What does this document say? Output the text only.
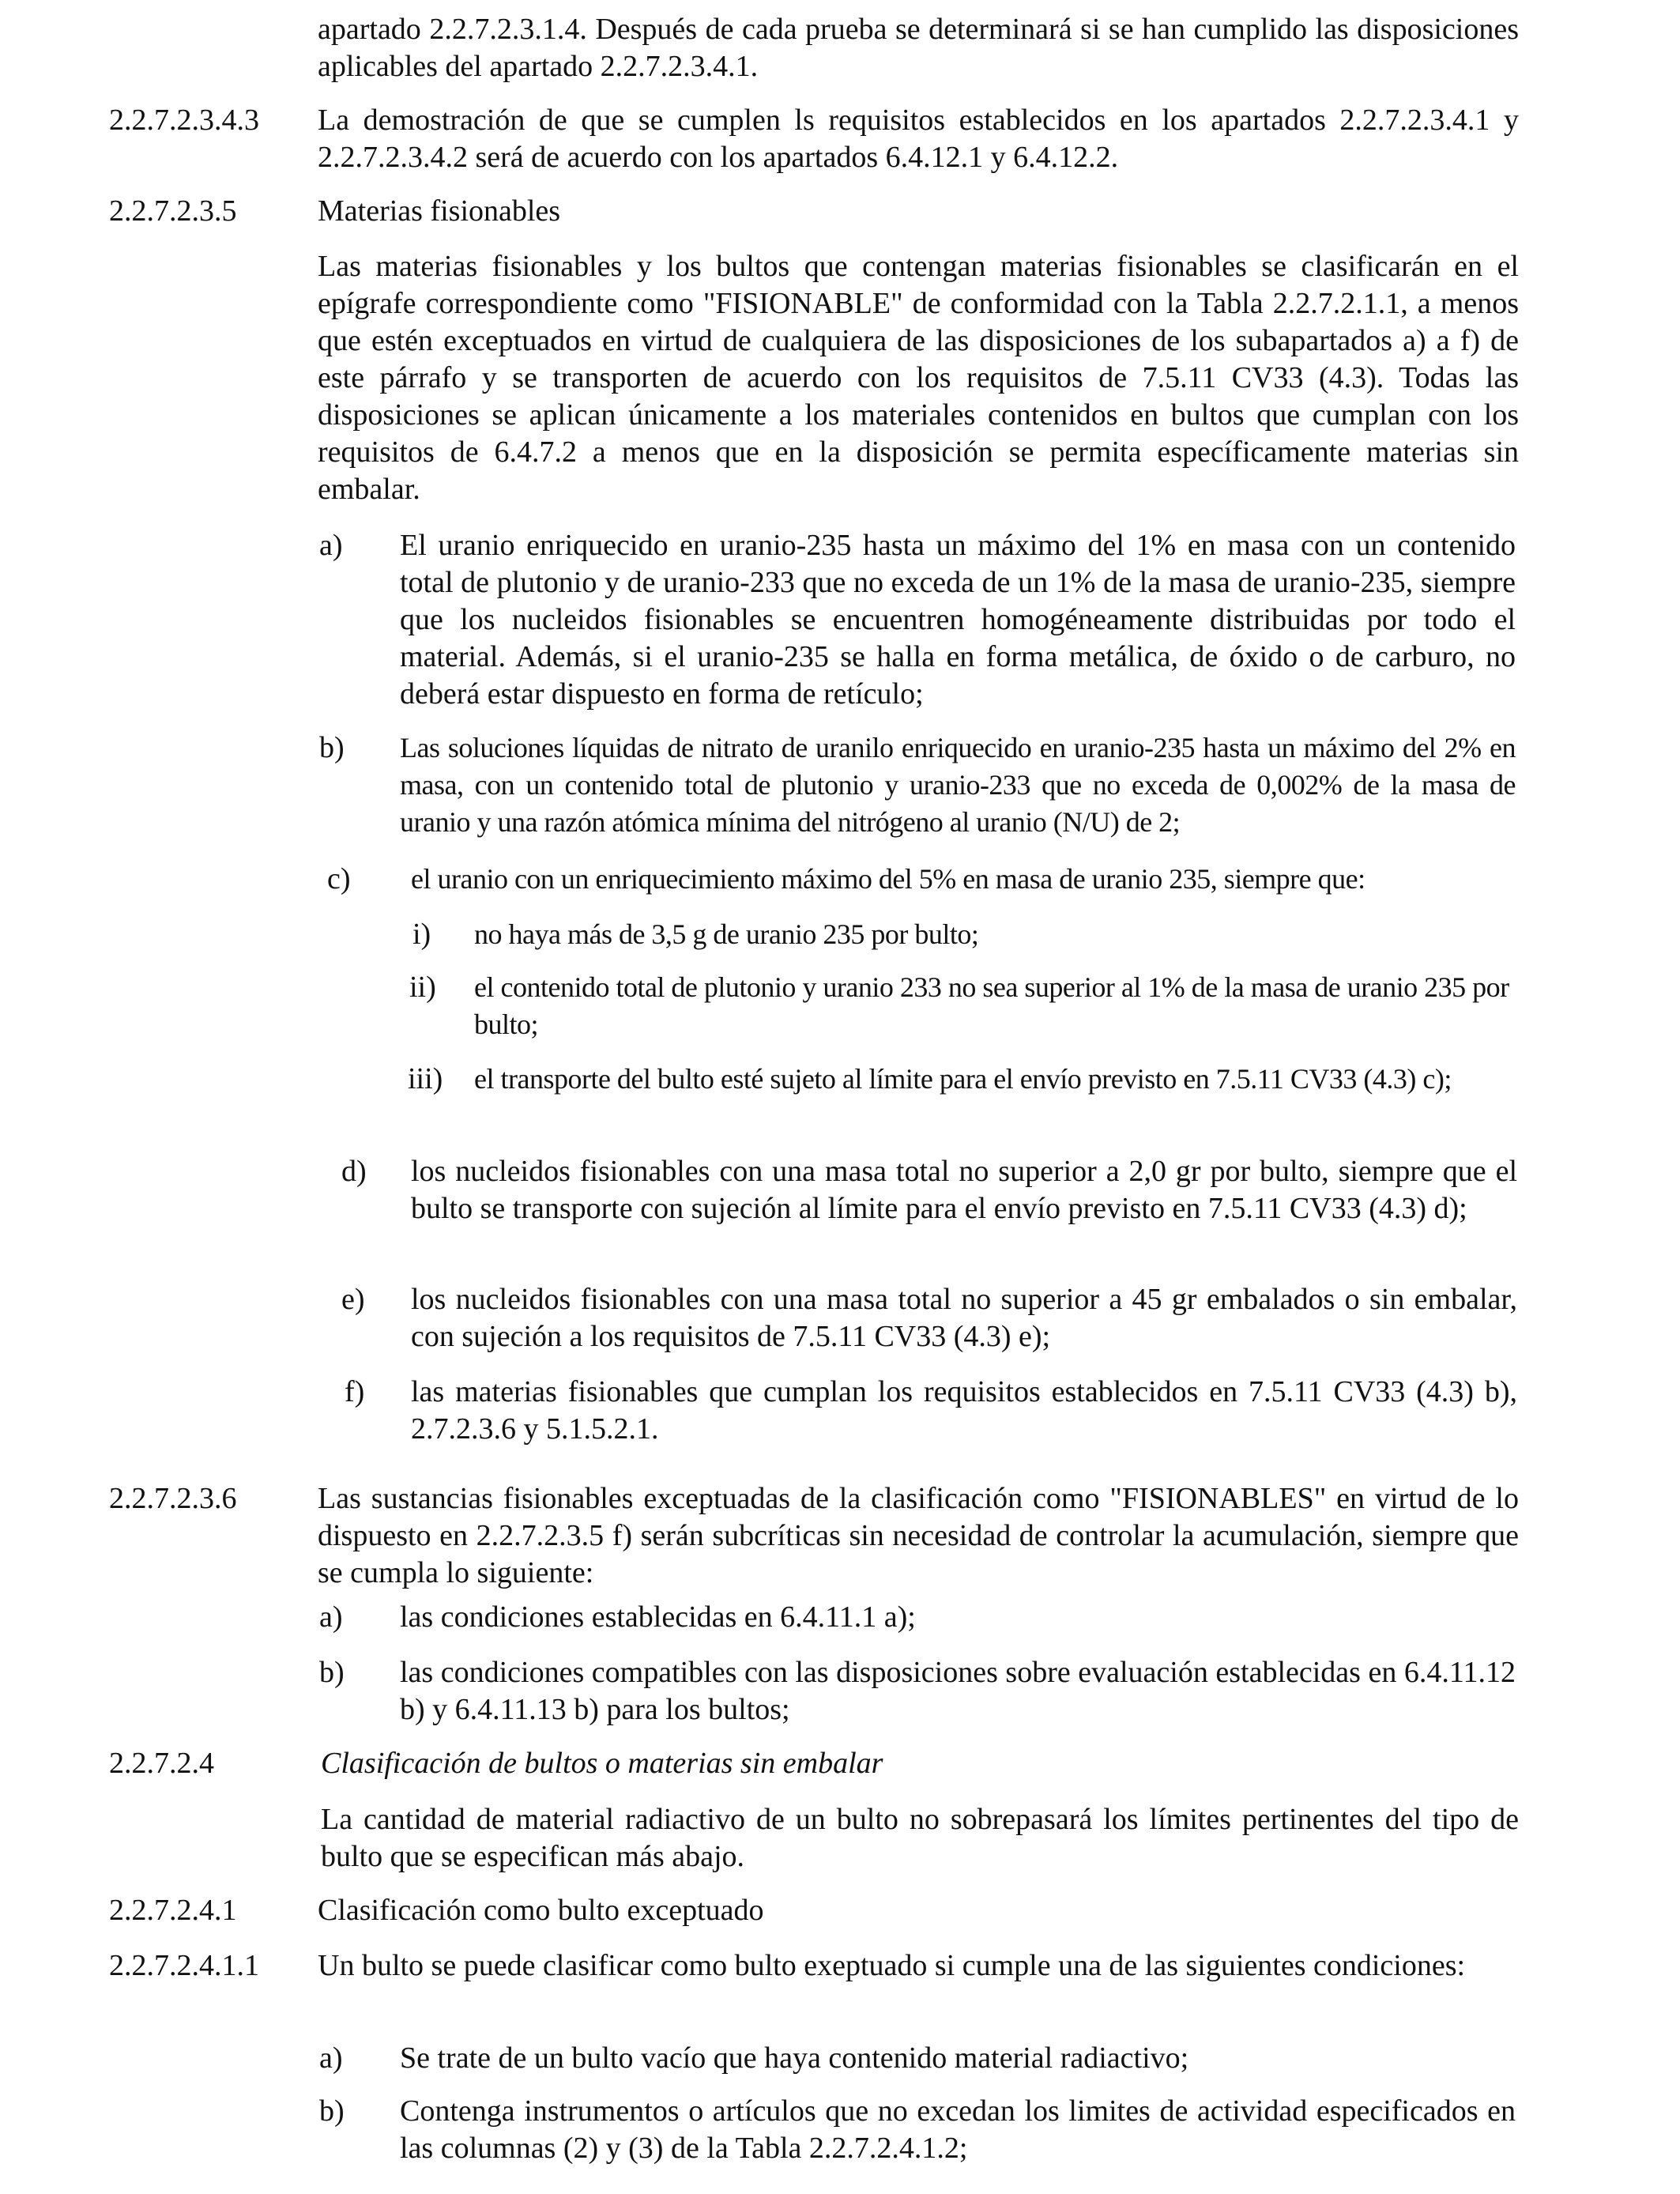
apartado 2.2.7.2.3.1.4. Después de cada prueba se determinará si se han cumplido las disposiciones aplicables del apartado 2.2.7.2.3.4.1.

2.2.7.2.3.4.3 La demostración de que se cumplen ls requisitos establecidos en los apartados 2.2.7.2.3.4.1 y 2.2.7.2.3.4.2 será de acuerdo con los apartados 6.4.12.1 y 6.4.12.2.

2.2.7.2.3.5	Materias fisionables

Las materias fisionables y los bultos que contengan materias fisionables se clasificarán en el epígrafe correspondiente como "FISIONABLE" de conformidad con la Tabla 2.2.7.2.1.1, a menos que estén exceptuados en virtud de cualquiera de las disposiciones de los subapartados a) a f) de este párrafo y se transporten de acuerdo con los requisitos de 7.5.11 CV33 (4.3). Todas las disposiciones se aplican únicamente a los materiales contenidos en bultos que cumplan con los requisitos de 6.4.7.2 a menos que en la disposición se permita específicamente materias sin embalar.

a) El uranio enriquecido en uranio-235 hasta un máximo del 1% en masa con un contenido total de plutonio y de uranio-233 que no exceda de un 1% de la masa de uranio-235, siempre que los nucleidos fisionables se encuentren homogéneamente distribuidas por todo el material. Además, si el uranio-235 se halla en forma metálica, de óxido o de carburo, no deberá estar dispuesto en forma de retículo;

b) Las soluciones líquidas de nitrato de uranilo enriquecido en uranio-235 hasta un máximo del 2% en masa, con un contenido total de plutonio y uranio-233 que no exceda de 0,002% de la masa de uranio y una razón atómica mínima del nitrógeno al uranio (N/U) de 2;

c) el uranio con un enriquecimiento máximo del 5% en masa de uranio 235, siempre que:

i) no haya más de 3,5 g de uranio 235 por bulto;

ii) el contenido total de plutonio y uranio 233 no sea superior al 1% de la masa de uranio 235 por bulto;

iii) el transporte del bulto esté sujeto al límite para el envío previsto en 7.5.11 CV33 (4.3) c);

d) los nucleidos fisionables con una masa total no superior a 2,0 gr por bulto, siempre que el bulto se transporte con sujeción al límite para el envío previsto en 7.5.11 CV33 (4.3) d);

e) los nucleidos fisionables con una masa total no superior a 45 gr embalados o sin embalar, con sujeción a los requisitos de 7.5.11 CV33 (4.3) e);

f) las materias fisionables que cumplan los requisitos establecidos en 7.5.11 CV33 (4.3) b), 2.7.2.3.6 y 5.1.5.2.1.

2.2.7.2.3.6	Las sustancias fisionables exceptuadas de la clasificación como "FISIONABLES" en virtud de lo dispuesto en 2.2.7.2.3.5 f) serán subcríticas sin necesidad de controlar la acumulación, siempre que se cumpla lo siguiente:

a) las condiciones establecidas en 6.4.11.1 a);

b) las condiciones compatibles con las disposiciones sobre evaluación establecidas en 6.4.11.12 b) y 6.4.11.13 b) para los bultos;

2.2.7.2.4	Clasificación de bultos o materias sin embalar

La cantidad de material radiactivo de un bulto no sobrepasará los límites pertinentes del tipo de bulto que se especifican más abajo.

2.2.7.2.4.1	Clasificación como bulto exceptuado
2.2.7.2.4.1.1 Un bulto se puede clasificar como bulto exeptuado si cumple una de las siguientes condiciones:

a) Se trate de un bulto vacío que haya contenido material radiactivo;

b) Contenga instrumentos o artículos que no excedan los limites de actividad especificados en las columnas (2) y (3) de la Tabla 2.2.7.2.4.1.2;
